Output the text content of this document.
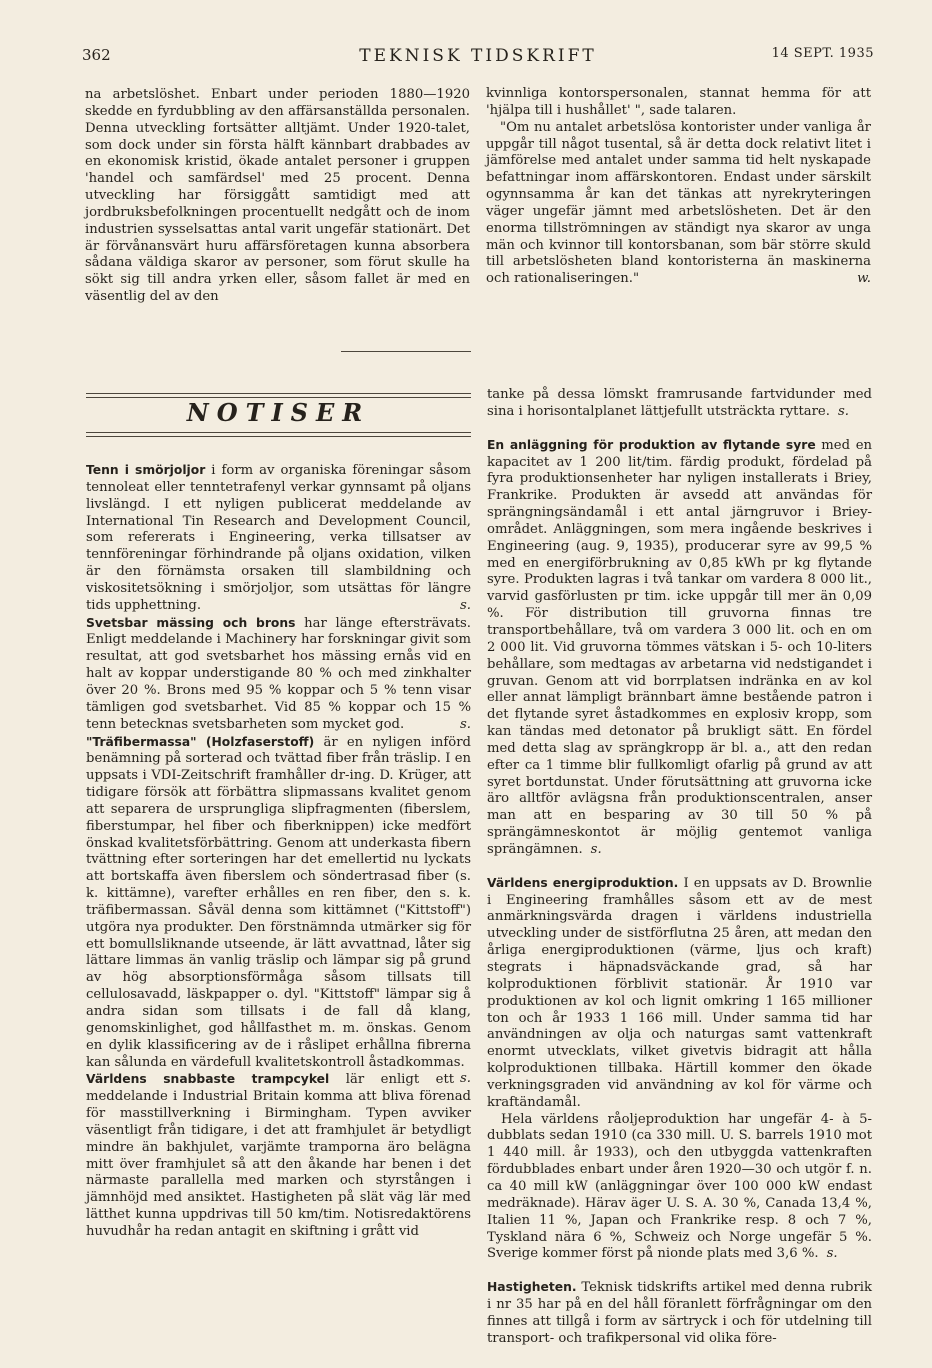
362	TEKNISK TIDSKRIFT	14 SEPT. 1935

na arbetslöshet. Enbart under perioden 1880—1920 skedde en fyrdubbling av den affärsanställda personalen. Denna utveckling fortsätter alltjämt. Under 1920-talet, som dock under sin första hälft kännbart drabbades av en ekonomisk kristid, ökade antalet personer i gruppen 'handel och samfärdsel' med 25 procent. Denna utveckling har försiggått samtidigt med att jordbruksbefolkningen procentuellt nedgått och de inom industrien sysselsattas antal varit ungefär stationärt. Det är förvånansvärt huru affärsföretagen kunna absorbera sådana väldiga skaror av personer, som förut skulle ha sökt sig till andra yrken eller, såsom fallet är med en väsentlig del av den

kvinnliga kontorspersonalen, stannat hemma för att 'hjälpa till i hushållet' ", sade talaren.

"Om nu antalet arbetslösa kontorister under vanliga år uppgår till något tusental, så är detta dock relativt litet i jämförelse med antalet under samma tid helt nyskapade befattningar inom affärskontoren. Endast under särskilt ogynnsamma år kan det tänkas att nyrekryteringen väger ungefär jämnt med arbetslösheten. Det är den enorma tillströmningen av ständigt nya skaror av unga män och kvinnor till kontorsbanan, som bär större skuld till arbetslösheten bland kontoristerna än maskinerna och rationaliseringen."	w.

NOTISER

Tenn i smörjoljor i form av organiska föreningar såsom tennoleat eller tenntetrafenyl verkar gynnsamt på oljans livslängd. I ett nyligen publicerat meddelande av International Tin Research and Development Council, som refererats i Engineering, verka tillsatser av tennföreningar förhindrande på oljans oxidation, vilken är den förnämsta orsaken till slambildning och viskositetsökning i smörjoljor, som utsättas för längre tids upphettning.	s.

Svetsbar mässing och brons har länge eftersträvats. Enligt meddelande i Machinery har forskningar givit som resultat, att god svetsbarhet hos mässing ernås vid en halt av koppar understigande 80 % och med zinkhalter över 20 %. Brons med 95 % koppar och 5 % tenn visar tämligen god svetsbarhet. Vid 85 % koppar och 15 % tenn betecknas svetsbarheten som mycket god.	s.

"Träfibermassa" (Holzfaserstoff) är en nyligen införd benämning på sorterad och tvättad fiber från träslip. I en uppsats i VDI-Zeitschrift framhåller dr-ing. D. Krüger, att tidigare försök att förbättra slipmassans kvalitet genom att separera de ursprungliga slipfragmenten (fiberslem, fiberstumpar, hel fiber och fiberknippen) icke medfört önskad kvalitetsförbättring. Genom att underkasta fibern tvättning efter sorteringen har det emellertid nu lyckats att bortskaffa även fiberslem och söndertrasad fiber (s. k. kittämne), varefter erhålles en ren fiber, den s. k. träfibermassan. Såväl denna som kittämnet ("Kittstoff") utgöra nya produkter. Den förstnämnda utmärker sig för ett bomullsliknande utseende, är lätt avvattnad, låter sig lättare limmas än vanlig träslip och lämpar sig på grund av hög absorptionsförmåga såsom tillsats till cellulosavadd, läskpapper o. dyl. "Kittstoff" lämpar sig å andra sidan som tillsats i de fall då klang, genomskinlighet, god hållfasthet m. m. önskas. Genom en dylik klassificering av de i råslipet erhållna fibrerna kan sålunda en värdefull kvalitetskontroll åstadkommas.
s.

Världens snabbaste trampcykel lär enligt ett meddelande i Industrial Britain komma att bliva förenad för masstillverkning i Birmingham. Typen avviker väsentligt från tidigare, i det att framhjulet är betydligt mindre än bakhjulet, varjämte tramporna äro belägna mitt över framhjulet så att den åkande har benen i det närmaste parallella med marken och styrstången i jämnhöjd med ansiktet. Hastigheten på slät väg lär med lätthet kunna uppdrivas till 50 km/tim. Notisredaktörens huvudhår ha redan antagit en skiftning i grått vid

tanke på dessa lömskt framrusande fartvidunder med sina i horisontalplanet lättjefullt utsträckta ryttare. s.

En anläggning för produktion av flytande syre med en kapacitet av 1 200 lit/tim. färdig produkt, fördelad på fyra produktionsenheter har nyligen installerats i Briey, Frankrike. Produkten är avsedd att användas för sprängningsändamål i ett antal järngruvor i Briey-området. Anläggningen, som mera ingående beskrives i Engineering (aug. 9, 1935), producerar syre av 99,5 % med en energiförbrukning av 0,85 kWh pr kg flytande syre. Produkten lagras i två tankar om vardera 8 000 lit., varvid gasförlusten pr tim. icke uppgår till mer än 0,09 %. För distribution till gruvorna finnas tre transportbehållare, två om vardera 3 000 lit. och en om 2 000 lit. Vid gruvorna tömmes vätskan i 5- och 10-liters behållare, som medtagas av arbetarna vid nedstigandet i gruvan. Genom att vid borrplatsen indränka en av kol eller annat lämpligt brännbart ämne bestående patron i det flytande syret åstadkommes en explosiv kropp, som kan tändas med detonator på brukligt sätt. En fördel med detta slag av sprängkropp är bl. a., att den redan efter ca 1 timme blir fullkomligt ofarlig på grund av att syret bortdunstat. Under förutsättning att gruvorna icke äro alltför avlägsna från produktionscentralen, anser man att en besparing av 30 till 50 % på sprängämneskontot är möjlig gentemot vanliga sprängämnen. s.

Världens energiproduktion. I en uppsats av D. Brownlie i Engineering framhålles såsom ett av de mest anmärkningsvärda dragen i världens industriella utveckling under de sistförflutna 25 åren, att medan den årliga energiproduktionen (värme, ljus och kraft) stegrats i häpnadsväckande grad, så har kolproduktionen förblivit stationär. År 1910 var produktionen av kol och lignit omkring 1 165 millioner ton och år 1933 1 166 mill. Under samma tid har användningen av olja och naturgas samt vattenkraft enormt utvecklats, vilket givetvis bidragit att hålla kolproduktionen tillbaka. Härtill kommer den ökade verkningsgraden vid användning av kol för värme och kraftändamål.

Hela världens råoljeproduktion har ungefär 4- à 5-dubblats sedan 1910 (ca 330 mill. U. S. barrels 1910 mot 1 440 mill. år 1933), och den utbyggda vattenkraften fördubblades enbart under åren 1920—30 och utgör f. n. ca 40 mill kW (anläggningar över 100 000 kW endast medräknade). Härav äger U. S. A. 30 %, Canada 13,4 %, Italien 11 %, Japan och Frankrike resp. 8 och 7 %, Tyskland nära 6 %, Schweiz och Norge ungefär 5 %. Sverige kommer först på nionde plats med 3,6 %. s.

Hastigheten. Teknisk tidskrifts artikel med denna rubrik i nr 35 har på en del håll föranlett förfrågningar om den finnes att tillgå i form av särtryck i och för utdelning till transport- och trafikpersonal vid olika före-
